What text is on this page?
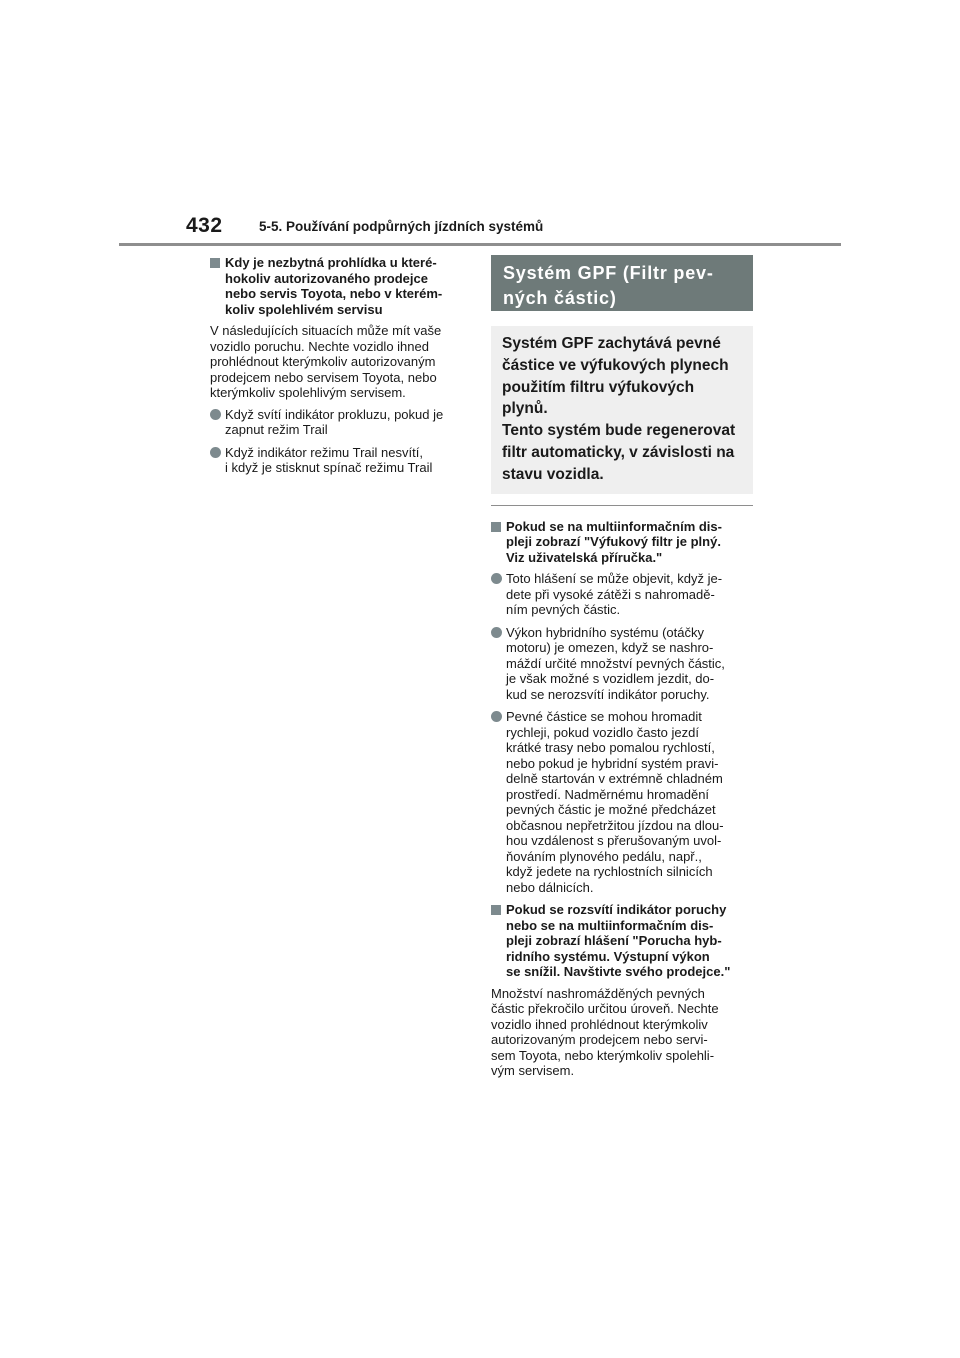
432	5-5. Používání podpůrných jízdních systémů
Kdy je nezbytná prohlídka u které-
hokoliv autorizovaného prodejce
nebo servis Toyota, nebo v kterém-
koliv spolehlivém servisu
V následujících situacích může mít vaše
vozidlo poruchu. Nechte vozidlo ihned
prohlédnout kterýmkoliv autorizovaným
prodejcem nebo servisem Toyota, nebo
kterýmkoliv spolehlivým servisem.
Když svítí indikátor prokluzu, pokud je
zapnut režim Trail
Když indikátor režimu Trail nesvítí,
i když je stisknut spínač režimu Trail
Systém GPF (Filtr pev-
ných částic)
Systém GPF zachytává pevné
částice ve výfukových plynech
použitím filtru výfukových plynů.
Tento systém bude regenerovat
filtr automaticky, v závislosti na
stavu vozidla.
Pokud se na multiinformačním dis-
pleji zobrazí "Výfukový filtr je plný.
Viz uživatelská příručka."
Toto hlášení se může objevit, když je-
dete při vysoké zátěži s nahromadě-
ním pevných částic.
Výkon hybridního systému (otáčky
motoru) je omezen, když se nashro-
máždí určité množství pevných částic,
je však možné s vozidlem jezdit, do-
kud se nerozsvítí indikátor poruchy.
Pevné částice se mohou hromadit
rychleji, pokud vozidlo často jezdí
krátké trasy nebo pomalou rychlostí,
nebo pokud je hybridní systém pravi-
delně startován v extrémně chladném
prostředí. Nadměrnému hromadění
pevných částic je možné předcházet
občasnou nepřetržitou jízdou na dlou-
hou vzdálenost s přerušovaným uvol-
ňováním plynového pedálu, např.,
když jedete na rychlostních silnicích
nebo dálnicích.
Pokud se rozsvítí indikátor poruchy
nebo se na multiinformačním dis-
pleji zobrazí hlášení "Porucha hyb-
ridního systému. Výstupní výkon
se snížil. Navštivte svého prodejce."
Množství nashromážděných pevných
částic překročilo určitou úroveň. Nechte
vozidlo ihned prohlédnout kterýmkoliv
autorizovaným prodejcem nebo servi-
sem Toyota, nebo kterýmkoliv spolehli-
vým servisem.
